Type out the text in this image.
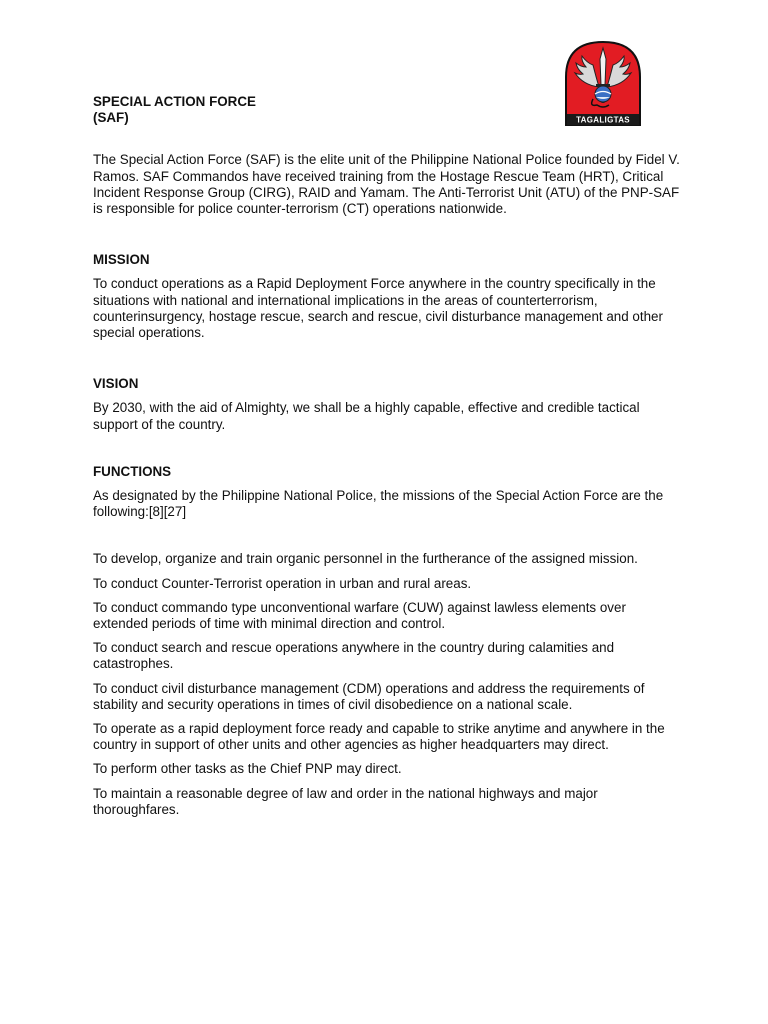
TAGALIGTAS
SPECIAL ACTION FORCE
(SAF)

The Special Action Force (SAF) is the elite unit of the Philippine National Police founded by Fidel V. Ramos. SAF Commandos have received training from the Hostage Rescue Team (HRT), Critical Incident Response Group (CIRG), RAID and Yamam. The Anti-Terrorist Unit (ATU) of the PNP-SAF is responsible for police counter-terrorism (CT) operations nationwide.

MISSION

To conduct operations as a Rapid Deployment Force anywhere in the country specifically in the situations with national and international implications in the areas of counterterrorism, counterinsurgency, hostage rescue, search and rescue, civil disturbance management and other special operations.

VISION

By 2030, with the aid of Almighty, we shall be a highly capable, effective and credible tactical support of the country.

FUNCTIONS

As designated by the Philippine National Police, the missions of the Special Action Force are the following:[8][27]

To develop, organize and train organic personnel in the furtherance of the assigned mission.
To conduct Counter-Terrorist operation in urban and rural areas.
To conduct commando type unconventional warfare (CUW) against lawless elements over extended periods of time with minimal direction and control.
To conduct search and rescue operations anywhere in the country during calamities and catastrophes.
To conduct civil disturbance management (CDM) operations and address the requirements of stability and security operations in times of civil disobedience on a national scale.
To operate as a rapid deployment force ready and capable to strike anytime and anywhere in the country in support of other units and other agencies as higher headquarters may direct.
To perform other tasks as the Chief PNP may direct.
To maintain a reasonable degree of law and order in the national highways and major thoroughfares.
